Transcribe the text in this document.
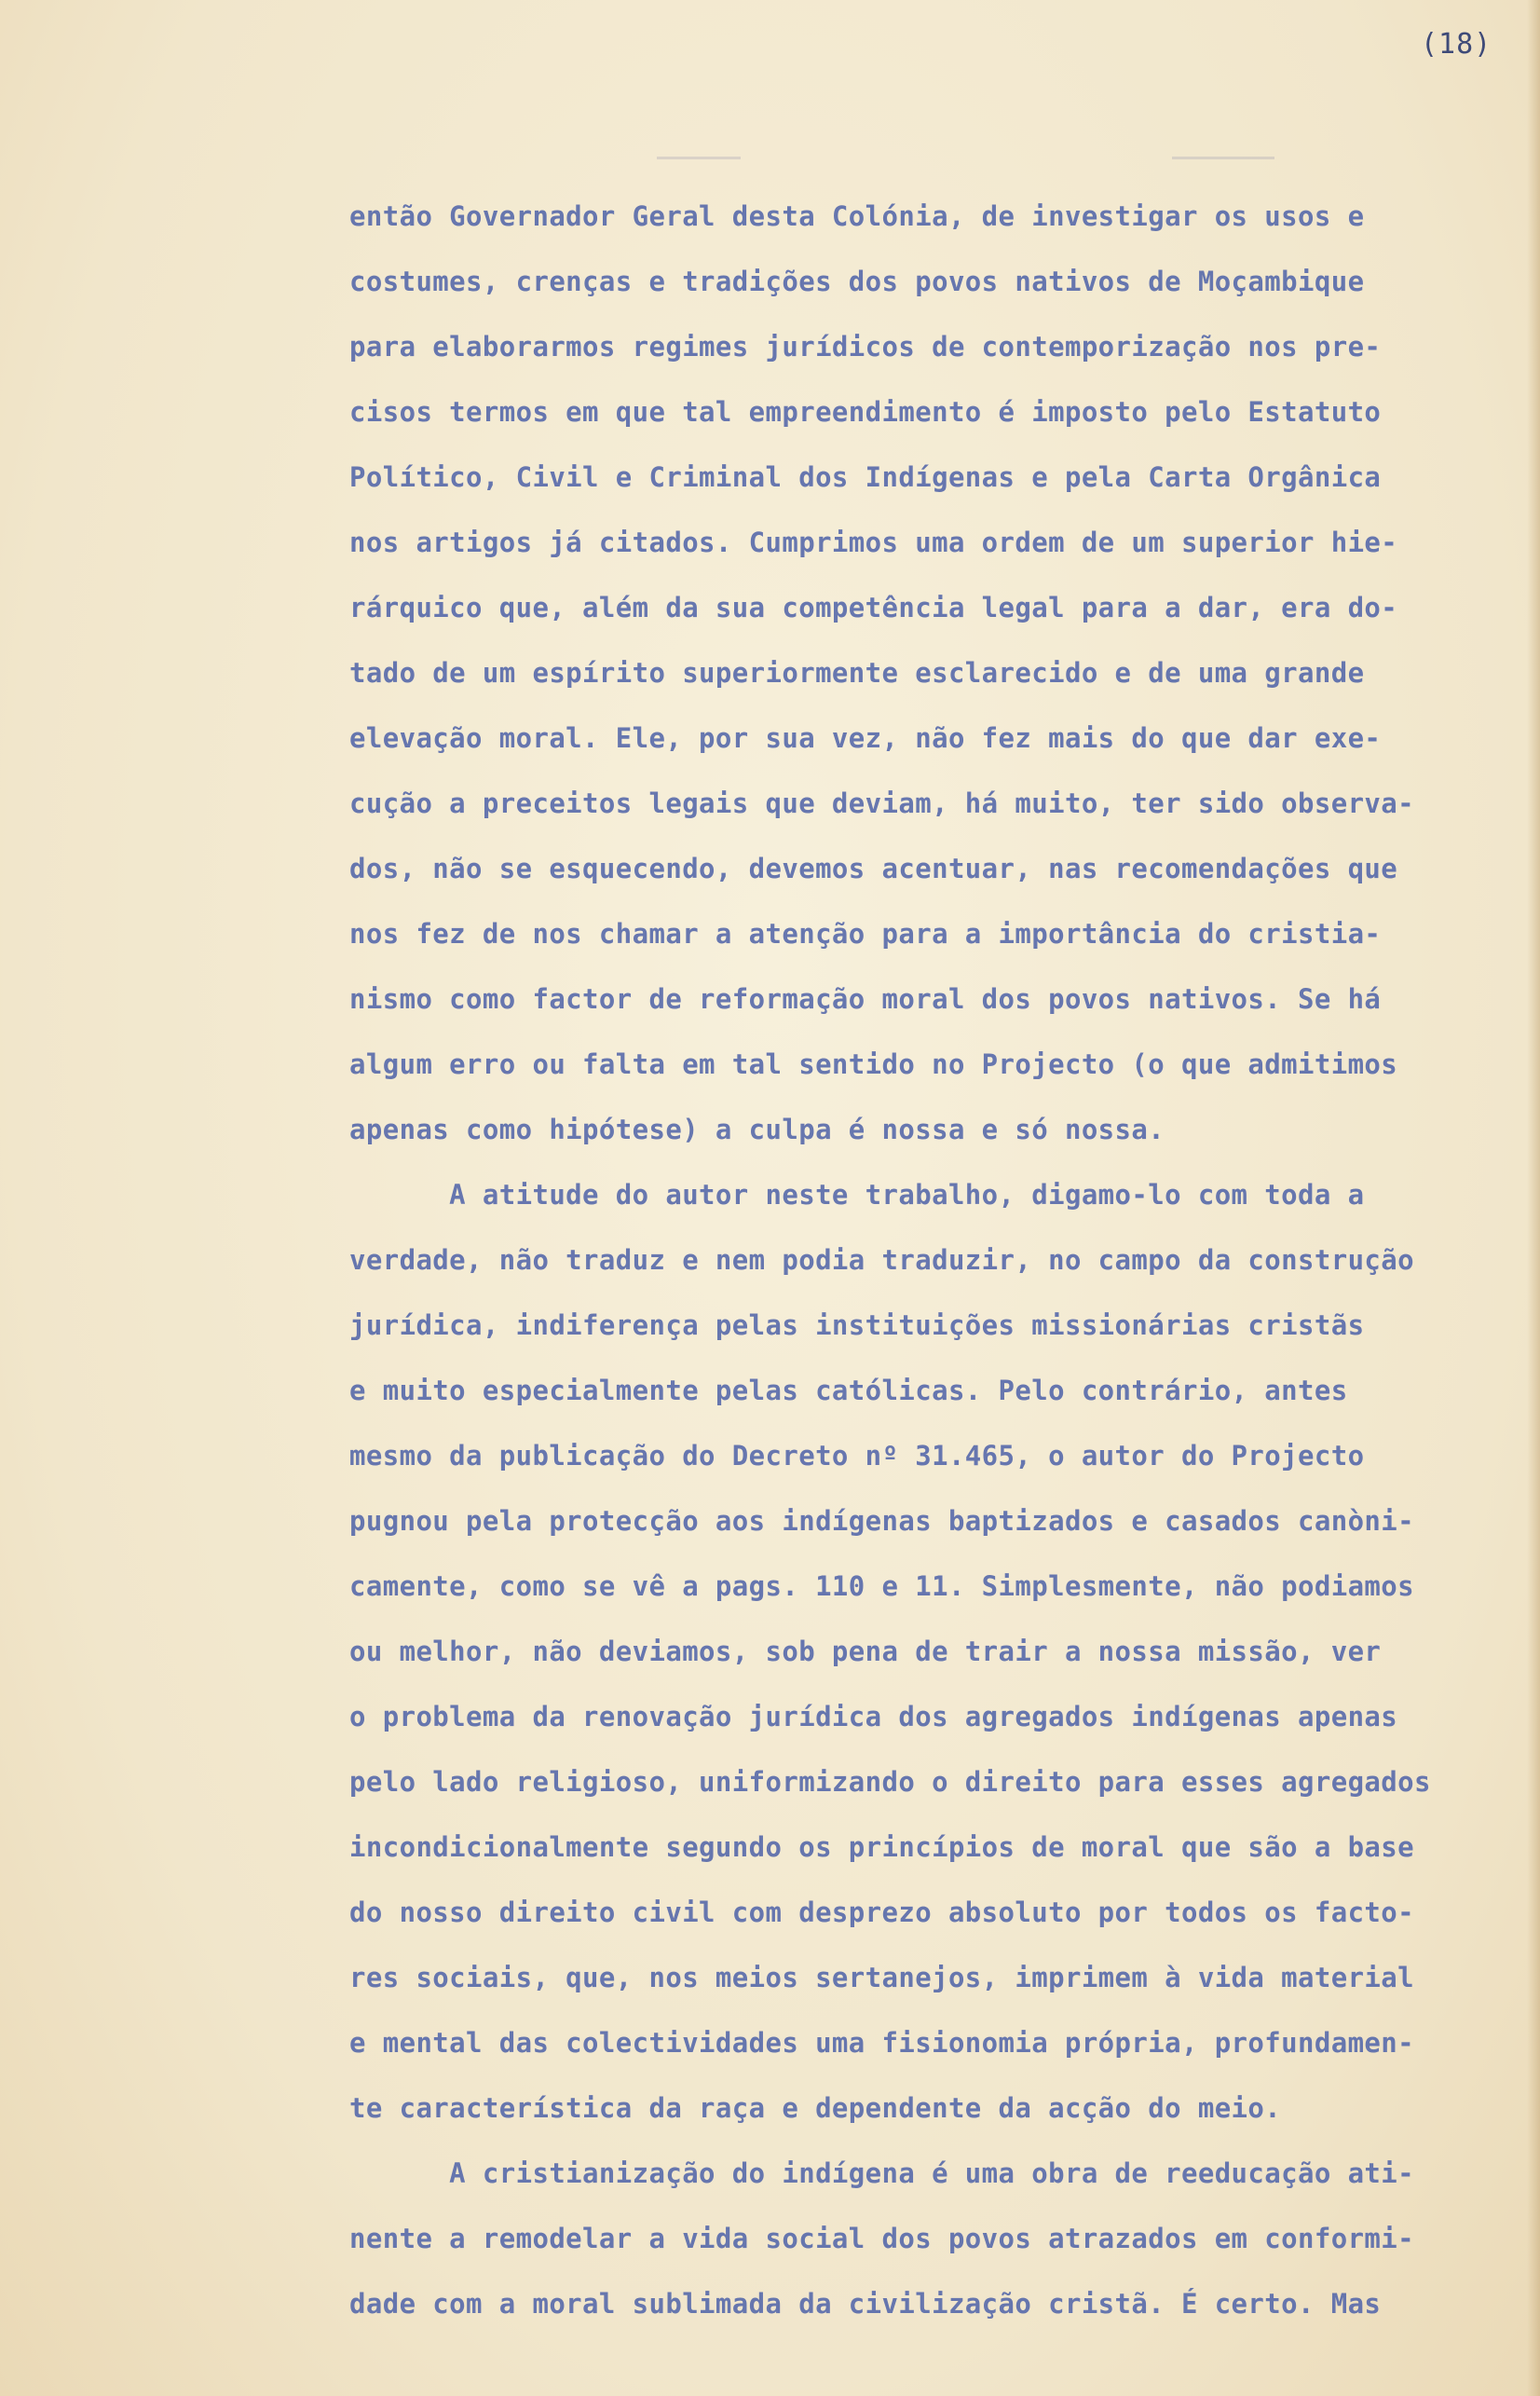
(18)
então Governador Geral desta Colónia, de investigar os usos e
costumes, crenças e tradições dos povos nativos de Moçambique
para elaborarmos regimes jurídicos de contemporização nos pre-
cisos termos em que tal empreendimento é imposto pelo Estatuto
Político, Civil e Criminal dos Indígenas e pela Carta Orgânica
nos artigos já citados. Cumprimos uma ordem de um superior hie-
rárquico que, além da sua competência legal para a dar, era do-
tado de um espírito superiormente esclarecido e de uma grande
elevação moral. Ele, por sua vez, não fez mais do que dar exe-
cução a preceitos legais que deviam, há muito, ter sido observa-
dos, não se esquecendo, devemos acentuar, nas recomendações que
nos fez de nos chamar a atenção para a importância do cristia-
nismo como factor de reformação moral dos povos nativos. Se há
algum erro ou falta em tal sentido no Projecto (o que admitimos
apenas como hipótese) a culpa é nossa e só nossa.
A atitude do autor neste trabalho, digamo-lo com toda a
verdade, não traduz e nem podia traduzir, no campo da construção
jurídica, indiferença pelas instituições missionárias cristãs
e muito especialmente pelas católicas. Pelo contrário, antes
mesmo da publicação do Decreto nº 31.465, o autor do Projecto
pugnou pela protecção aos indígenas baptizados e casados canòni-
camente, como se vê a pags. 110 e 11. Simplesmente, não podiamos
ou melhor, não deviamos, sob pena de trair a nossa missão, ver
o problema da renovação jurídica dos agregados indígenas apenas
pelo lado religioso, uniformizando o direito para esses agregados
incondicionalmente segundo os princípios de moral que são a base
do nosso direito civil com desprezo absoluto por todos os facto-
res sociais, que, nos meios sertanejos, imprimem à vida material
e mental das colectividades uma fisionomia própria, profundamen-
te característica da raça e dependente da acção do meio.
A cristianização do indígena é uma obra de reeducação ati-
nente a remodelar a vida social dos povos atrazados em conformi-
dade com a moral sublimada da civilização cristã. É certo. Mas
